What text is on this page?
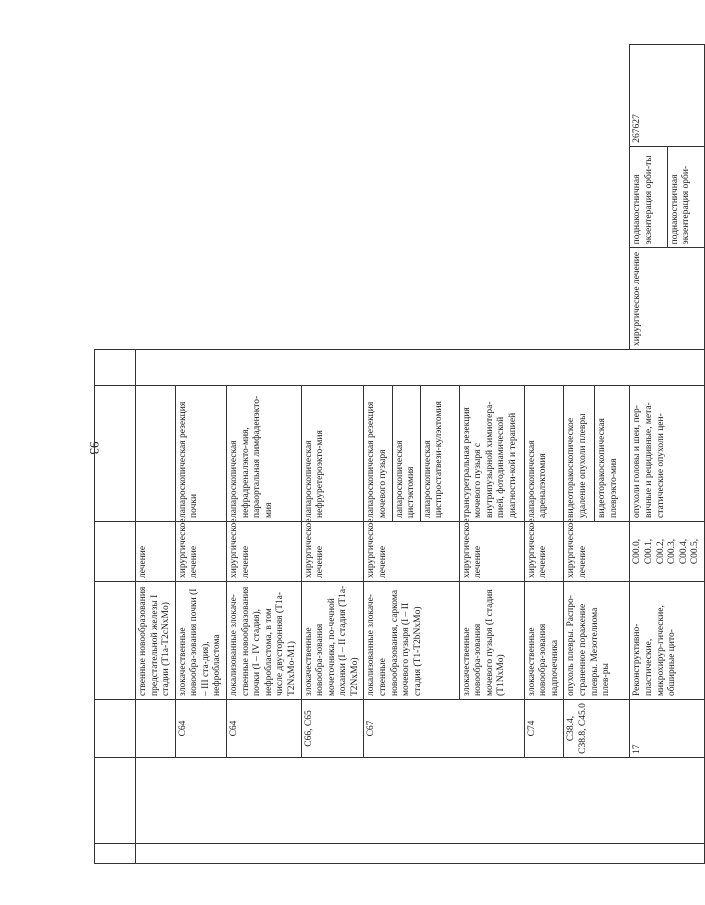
93

			ственные новообразования предстательной железы I стадии (T1a-T2cNxMo)	лечение					
		C64	злокачественные новообра-зования почки (I – III ста-дия), нефробластома	хирургическое лечение	лапароскопическая резекция почки				
		C64	локализованные злокаче-ственные новообразования почки (I – IV стадия), нефробластома, в том числе двусторонняя (T1a-T2NxMo-M1)	хирургическое лечение	лапароскопическая нефрадреналэкто-мия, параортальная лимфаденэкто-мия				
		C66, C65	злокачественные новообра-зования мочеточника, по-чечной лоханки (I – II стадия (T1a-T2NxMo)	хирургическое лечение	лапароскопическая нефруретероэкто-мия				
		C67	локализованные злокаче-ственные новообразования, саркома мочевого пузыря (I – II стадия (T1-T2bNxMo)	хирургическое лечение	лапароскопическая резекция мочевого пузыря				
					лапароскопическая цистэктомия				
					лапароскопическая цистпростатвези-кулэктомия				
			злокачественные новообра-зования мочевого пузыря (I стадия (T1NxMo)	хирургическое лечение	трансуретральная резекция мочевого пузыря с внутрипузырной химиотера-пией, фотодинамической диагности-кой и терапией				
		C74	злокачественные новообра-зования надпочечника	хирургическое лечение	лапароскопическая адреналэктомия				
		C38.4, C38.8, C45.0	опухоль плевры. Распро-страненное поражение плевры. Мезотелиома плев-ры	хирургическое лечение	видеоторакоскопическое удаление опухоли плевры				
					видеоторакоскопическая плеврэкто-мия				
		17	Реконструктивно-пластические, микрохирур-гические, обширные цито-	C00.0, C00.1, C00.2, C00.3, C00.4, C00.5,	опухоли головы и шеи, пер-вичные и рецидивные, мета-статические опухоли цен-		хирургическое лечение	поднакостничная экзентерация орби-ты	267627
								поднакостничная экзентерация орби-	
